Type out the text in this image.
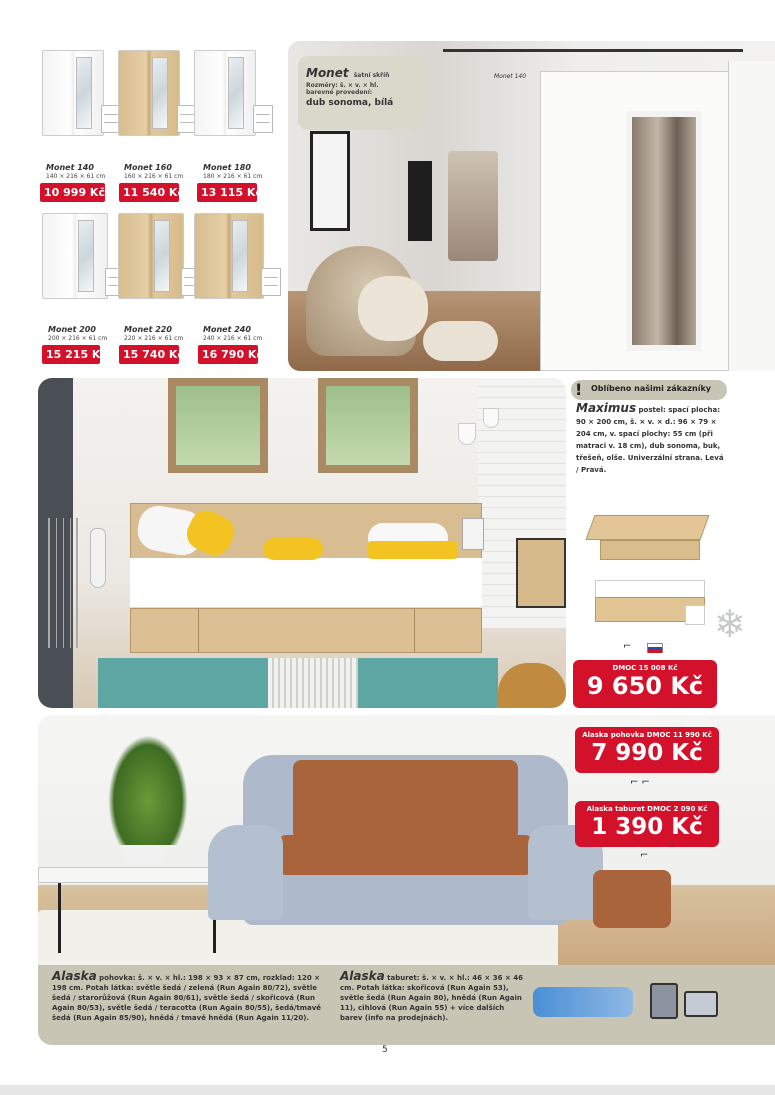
Monet 140
140 × 216 × 61 cm
10 999 Kč
Monet 160
160 × 216 × 61 cm
11 540 Kč
Monet 180
180 × 216 × 61 cm
13 115 Kč
Monet 200
200 × 216 × 61 cm
15 215 Kč
Monet 220
220 × 216 × 61 cm
15 740 Kč
Monet 240
240 × 216 × 61 cm
16 790 Kč
Monet 140
Monet šatní skříň
Rozměry: š. × v. × hl.
barevné provedení:
dub sonoma, bílá
!	Oblíbeno našimi zákazníky
Maximus postel: spací plocha: 90 × 200 cm, š. × v. × d.: 96 × 79 × 204 cm, v. spací plochy: 55 cm (při matraci v. 18 cm), dub sonoma, buk, třešeň, olše. Univerzální strana. Levá / Pravá.
❄
⌐
DMOC 15 008 Kč
9 650 Kč
Alaska pohovka: š. × v. × hl.: 198 × 93 × 87 cm, rozklad: 120 × 198 cm. Potah látka: světle šedá / zelená (Run Again 80/72), světle šedá / starorůžová (Run Again 80/61), světle šedá / skořicová (Run Again 80/53), světle šedá / teracotta (Run Again 80/55), šedá/tmavě šedá (Run Again 85/90), hnědá / tmavě hnědá (Run Again 11/20).
Alaska taburet: š. × v. × hl.: 46 × 36 × 46 cm. Potah látka: skořicová (Run Again 53), světle šedá (Run Again 80), hnědá (Run Again 11), cihlová (Run Again 55) + více dalších barev (info na prodejnách).
Alaska pohovka DMOC 11 990 Kč
7 990 Kč
⌐ ⌐
Alaska taburet DMOC 2 090 Kč
1 390 Kč
⌐
5
